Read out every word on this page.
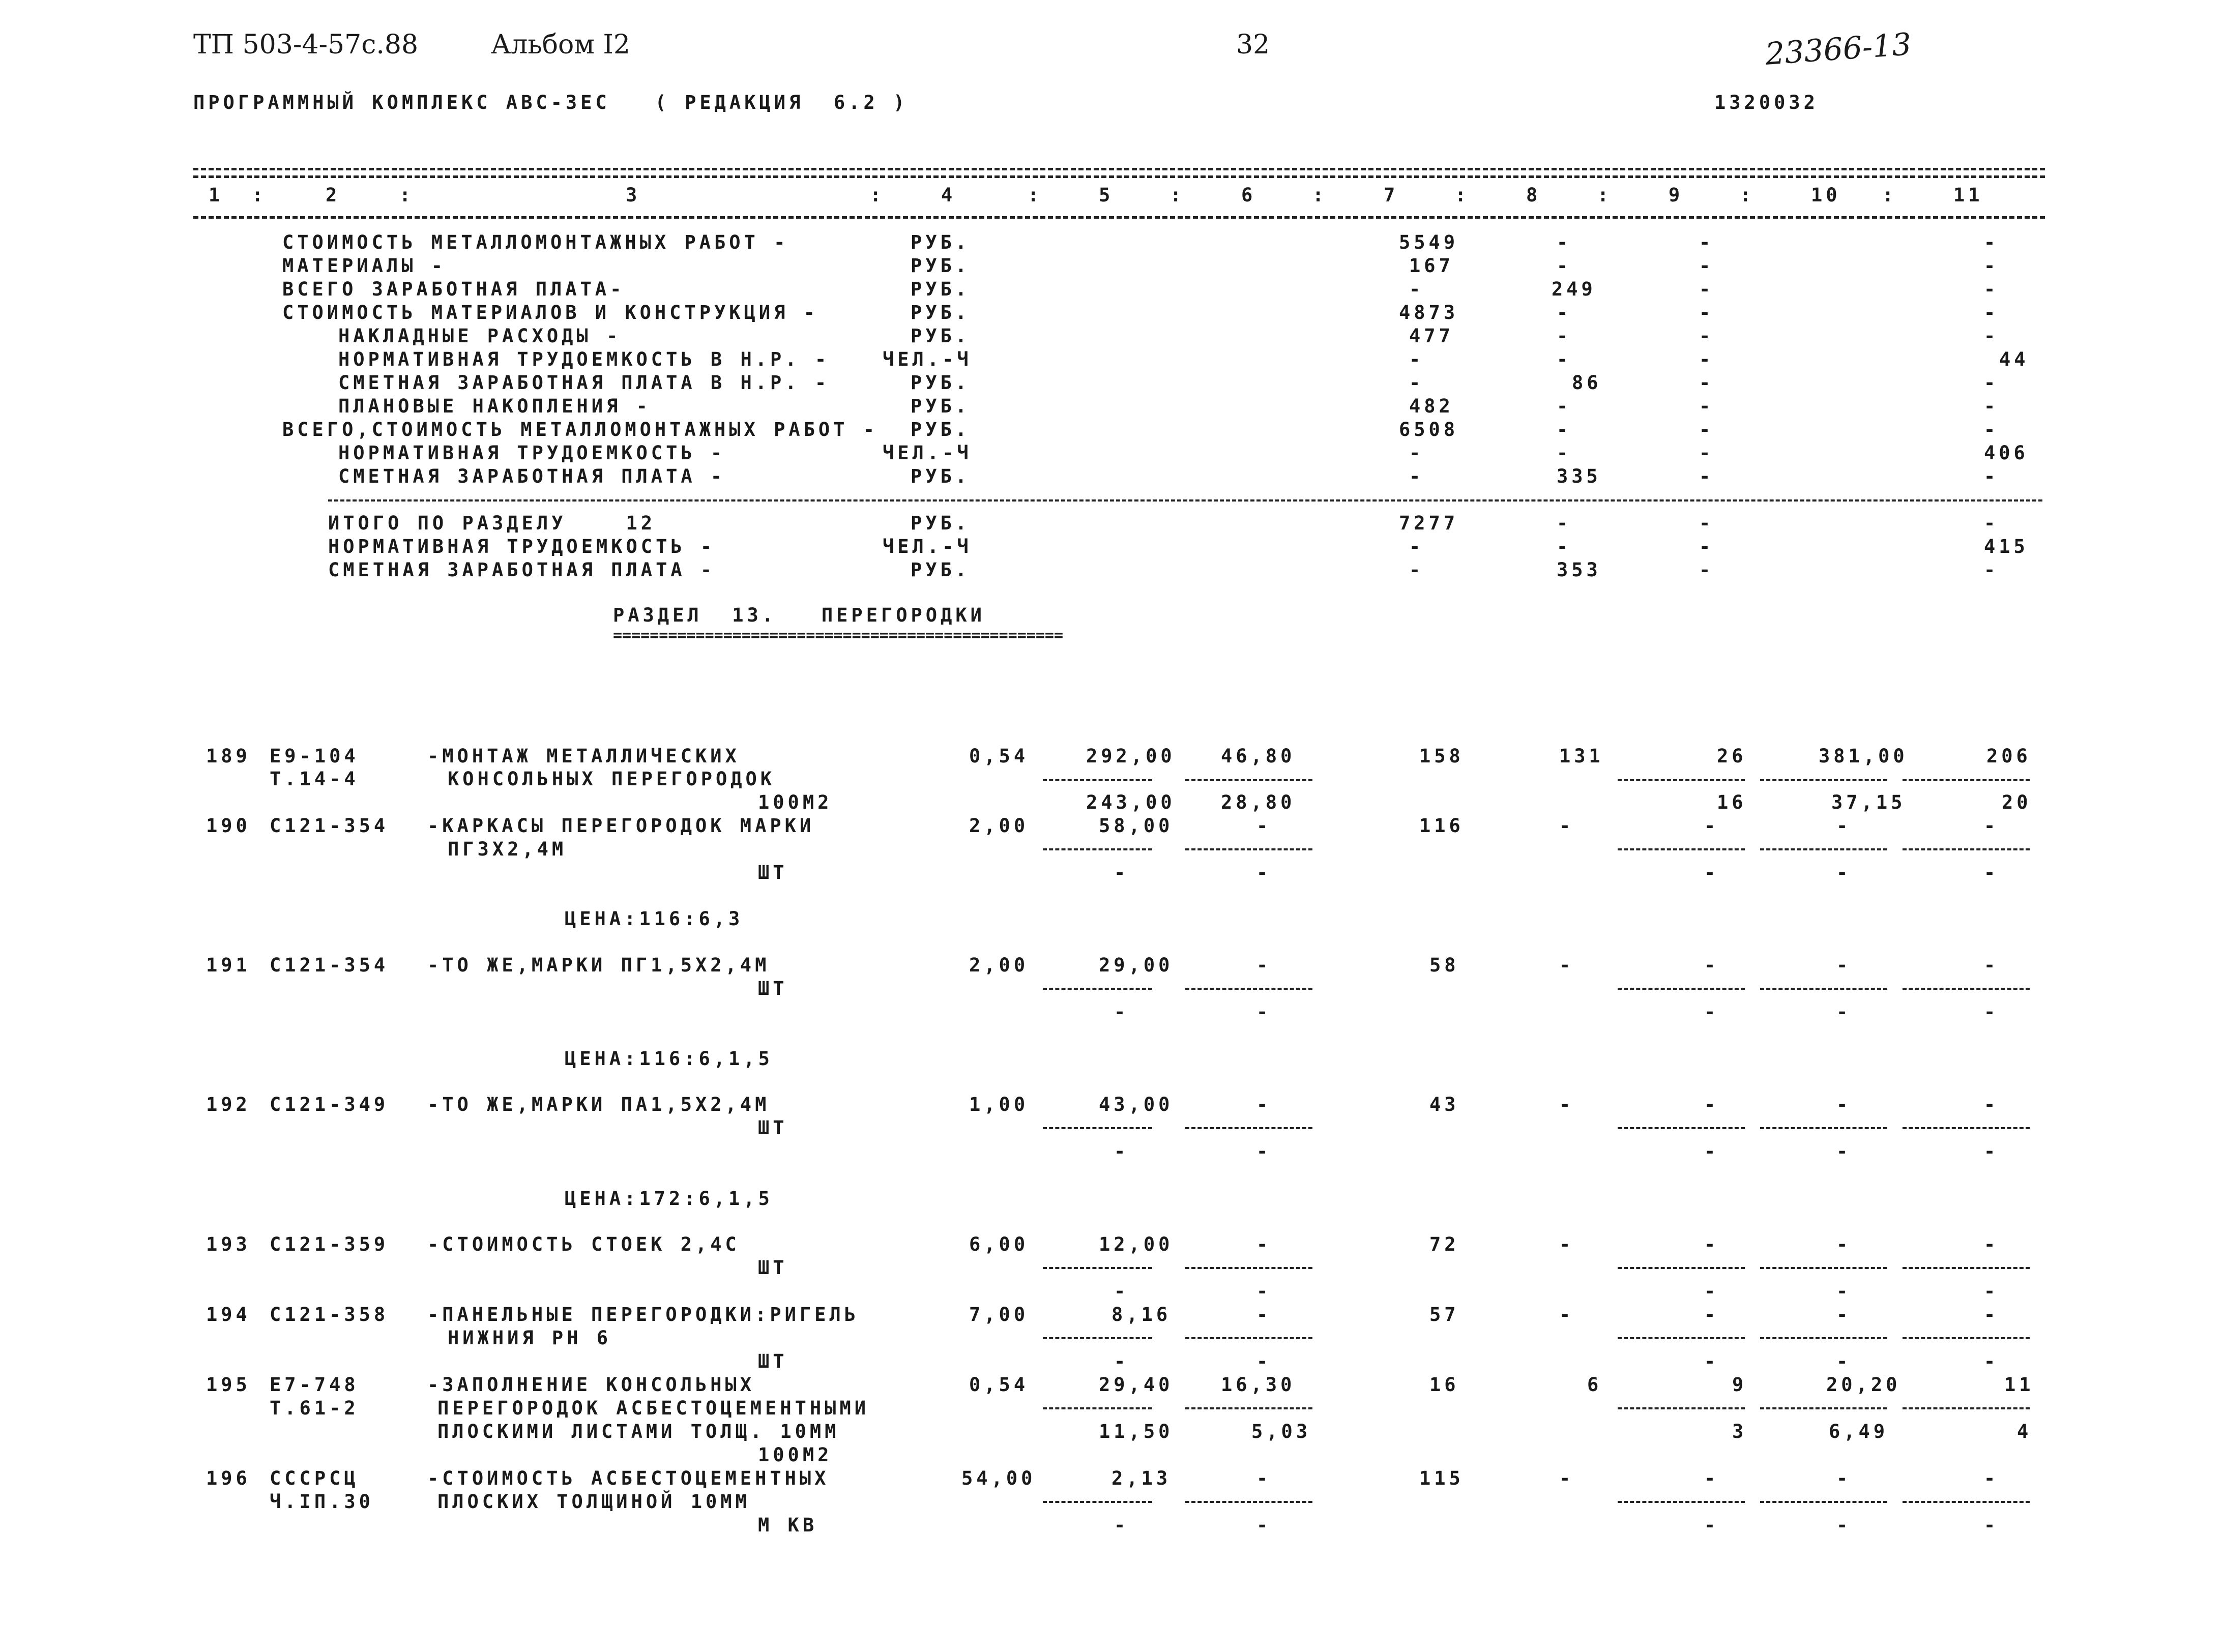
ТП 503-4-57с.88	Альбом I2	32	23366-13
ПРОГРАММНЫЙ КОМПЛЕКС АВС-3ЕС   ( РЕДАКЦИЯ  6.2 )	1320032
1 :	2	:	3	:	4	:	5	:	6	:	7	:	8	:	9	:	10 :	11
СТОИМОСТЬ МЕТАЛЛОМОНТАЖНЫХ РАБОТ -	РУБ.	5549	-	-	-
МАТЕРИАЛЫ -	РУБ.	167	-	-	-
ВСЕГО ЗАРАБОТНАЯ ПЛАТА-	РУБ.	-	249	-	-
СТОИМОСТЬ МАТЕРИАЛОВ И КОНСТРУКЦИЯ -	РУБ.	4873	-	-	-
НАКЛАДНЫЕ РАСХОДЫ -	РУБ.	477	-	-	-
НОРМАТИВНАЯ ТРУДОЕМКОСТЬ В Н.Р. -	ЧЕЛ.-Ч	-	-	-	44
СМЕТНАЯ ЗАРАБОТНАЯ ПЛАТА В Н.Р. -	РУБ.	-	86	-	-
ПЛАНОВЫЕ НАКОПЛЕНИЯ -	РУБ.	482	-	-	-
ВСЕГО,СТОИМОСТЬ МЕТАЛЛОМОНТАЖНЫХ РАБОТ - РУБ.	6508	-	-	-
НОРМАТИВНАЯ ТРУДОЕМКОСТЬ -	ЧЕЛ.-Ч	-	-	-	406
СМЕТНАЯ ЗАРАБОТНАЯ ПЛАТА -	РУБ.	-	335	-	-
ИТОГО ПО РАЗДЕЛУ    12	РУБ.	7277	-	-	-
НОРМАТИВНАЯ ТРУДОЕМКОСТЬ -	ЧЕЛ.-Ч	-	-	-	415
СМЕТНАЯ ЗАРАБОТНАЯ ПЛАТА -	РУБ.	-	353	-	-
РАЗДЕЛ  13.   ПЕРЕГОРОДКИ
=================================================
189 Е9-104
Т.14-4
-МОНТАЖ МЕТАЛЛИЧЕСКИХ
КОНСОЛЬНЫХ ПЕРЕГОРОДОК
100М2
0,54	292,00 46,80	158	131	26	381,00	206
243,00 28,80	16	37,15	20
190 С121-354 -КАРКАСЫ ПЕРЕГОРОДОК МАРКИ
ПГ3Х2,4М
ШТ
2,00	58,00	-	116	-	-	-	-
-	-	-	-	-
ЦЕНА:116:6,3
191 С121-354 -ТО ЖЕ,МАРКИ ПГ1,5Х2,4М
ШТ
2,00	29,00	-	58	-	-	-	-
-	-	-	-	-
ЦЕНА:116:6,1,5
192 С121-349 -ТО ЖЕ,МАРКИ ПА1,5Х2,4М
ШТ
1,00	43,00	-	43	-	-	-	-
-	-	-	-	-
ЦЕНА:172:6,1,5
193 С121-359 -СТОИМОСТЬ СТОЕК 2,4С
ШТ
6,00	12,00	-	72	-	-	-	-
-	-	-	-	-
194 С121-358 -ПАНЕЛЬНЫЕ ПЕРЕГОРОДКИ:РИГЕЛЬ
НИЖНИЯ РН 6
ШТ
7,00	8,16	-	57	-	-	-	-
-	-	-	-	-
195 Е7-748
Т.61-2
-ЗАПОЛНЕНИЕ КОНСОЛЬНЫХ
ПЕРЕГОРОДОК АСБЕСТОЦЕМЕНТНЫМИ
ПЛОСКИМИ ЛИСТАМИ ТОЛЩ. 10ММ
100М2
0,54	29,40	16,30	16	6	9	20,20	11
11,50	5,03	3	6,49	4
196 СССРСЦ
Ч.IП.30
-СТОИМОСТЬ АСБЕСТОЦЕМЕНТНЫХ
ПЛОСКИХ ТОЛЩИНОЙ 10ММ
М КВ
54,00	2,13	-	115	-	-	-	-
-	-	-	-	-
